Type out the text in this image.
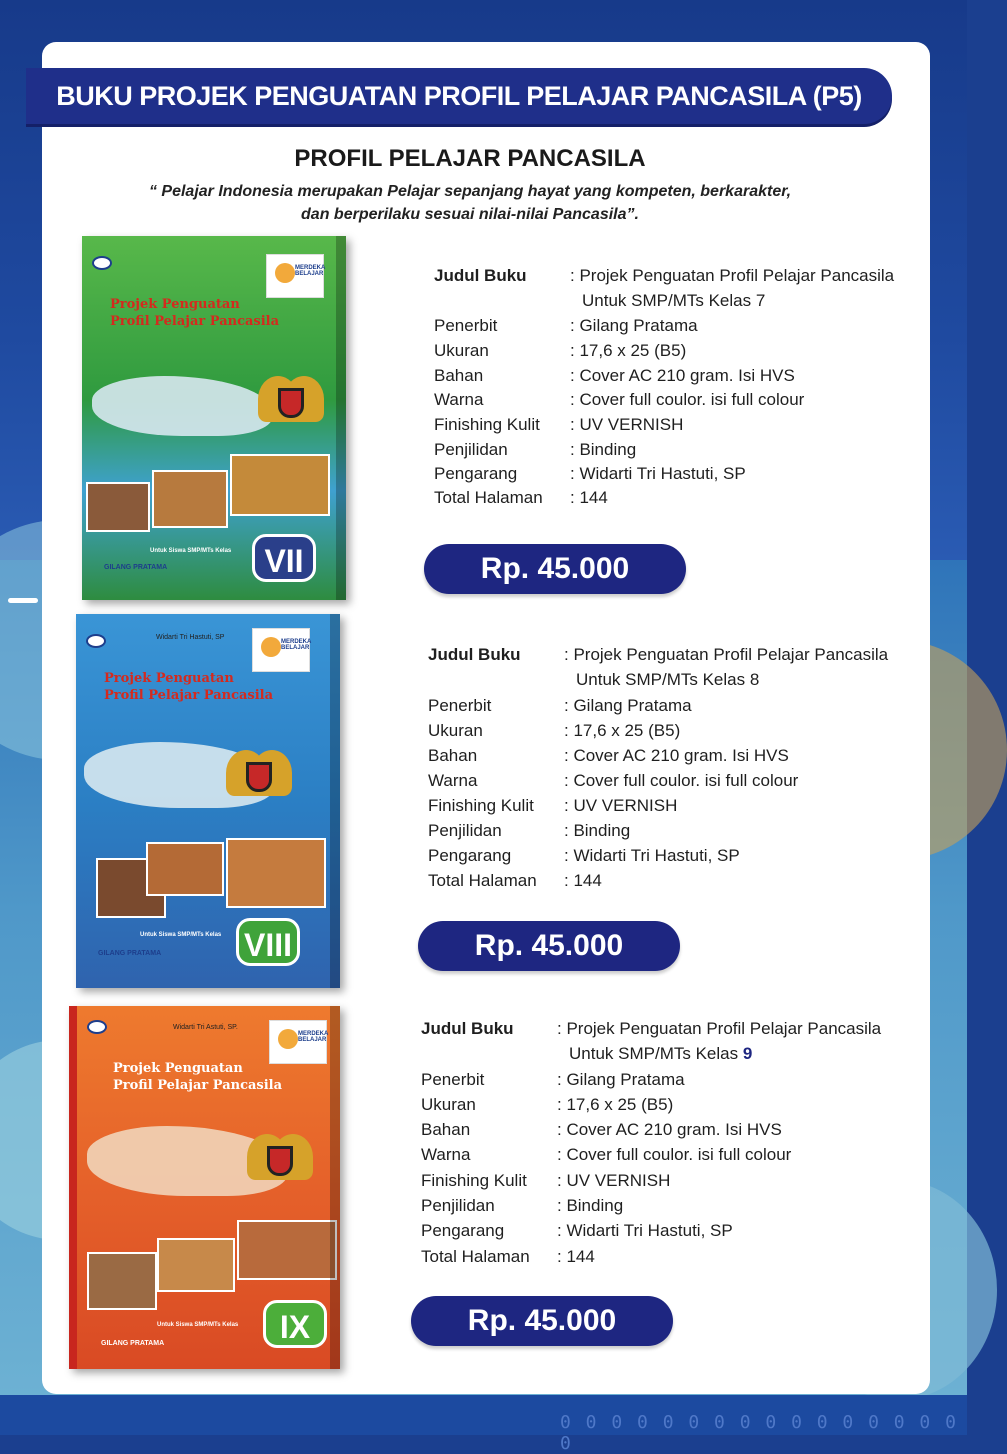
0 0 0 0 0 0 0 0 0 0 0 0 0 0 0 0 0
BUKU PROJEK PENGUATAN PROFIL PELAJAR PANCASILA (P5)
PROFIL PELAJAR PANCASILA
“ Pelajar Indonesia merupakan Pelajar sepanjang hayat yang kompeten, berkarakter,
dan berperilaku sesuai nilai-nilai Pancasila”.
MERDEKA BELAJAR
Projek Penguatan
Profil Pelajar Pancasila
Untuk Siswa SMP/MTs Kelas	VII
GILANG PRATAMA
Judul Buku	: Projek Penguatan Profil Pelajar Pancasila
Untuk SMP/MTs Kelas 7
Penerbit	: Gilang Pratama
Ukuran	: 17,6 x 25 (B5)
Bahan	: Cover AC 210 gram. Isi HVS
Warna	: Cover full coulor. isi full colour
Finishing Kulit : UV VERNISH
Penjilidan	: Binding
Pengarang	: Widarti Tri Hastuti, SP
Total Halaman : 144
Rp. 45.000
Widarti Tri Hastuti, SP
MERDEKA BELAJAR
Projek Penguatan
Profil Pelajar Pancasila
Untuk Siswa SMP/MTs Kelas VIII
GILANG PRATAMA
Judul Buku	: Projek Penguatan Profil Pelajar Pancasila
Untuk SMP/MTs Kelas 8
Penerbit	: Gilang Pratama
Ukuran	: 17,6 x 25 (B5)
Bahan	: Cover AC 210 gram. Isi HVS
Warna	: Cover full coulor. isi full colour
Finishing Kulit : UV VERNISH
Penjilidan	: Binding
Pengarang	: Widarti Tri Hastuti, SP
Total Halaman : 144
Rp. 45.000
Widarti Tri Astuti, SP.
MERDEKA BELAJAR
Projek Penguatan
Profil Pelajar Pancasila
Untuk Siswa SMP/MTs Kelas	IX
GILANG PRATAMA
Judul Buku	: Projek Penguatan Profil Pelajar Pancasila
Untuk SMP/MTs Kelas 9
Penerbit	: Gilang Pratama
Ukuran	: 17,6 x 25 (B5)
Bahan	: Cover AC 210 gram. Isi HVS
Warna	: Cover full coulor. isi full colour
Finishing Kulit : UV VERNISH
Penjilidan	: Binding
Pengarang	: Widarti Tri Hastuti, SP
Total Halaman : 144
Rp. 45.000
